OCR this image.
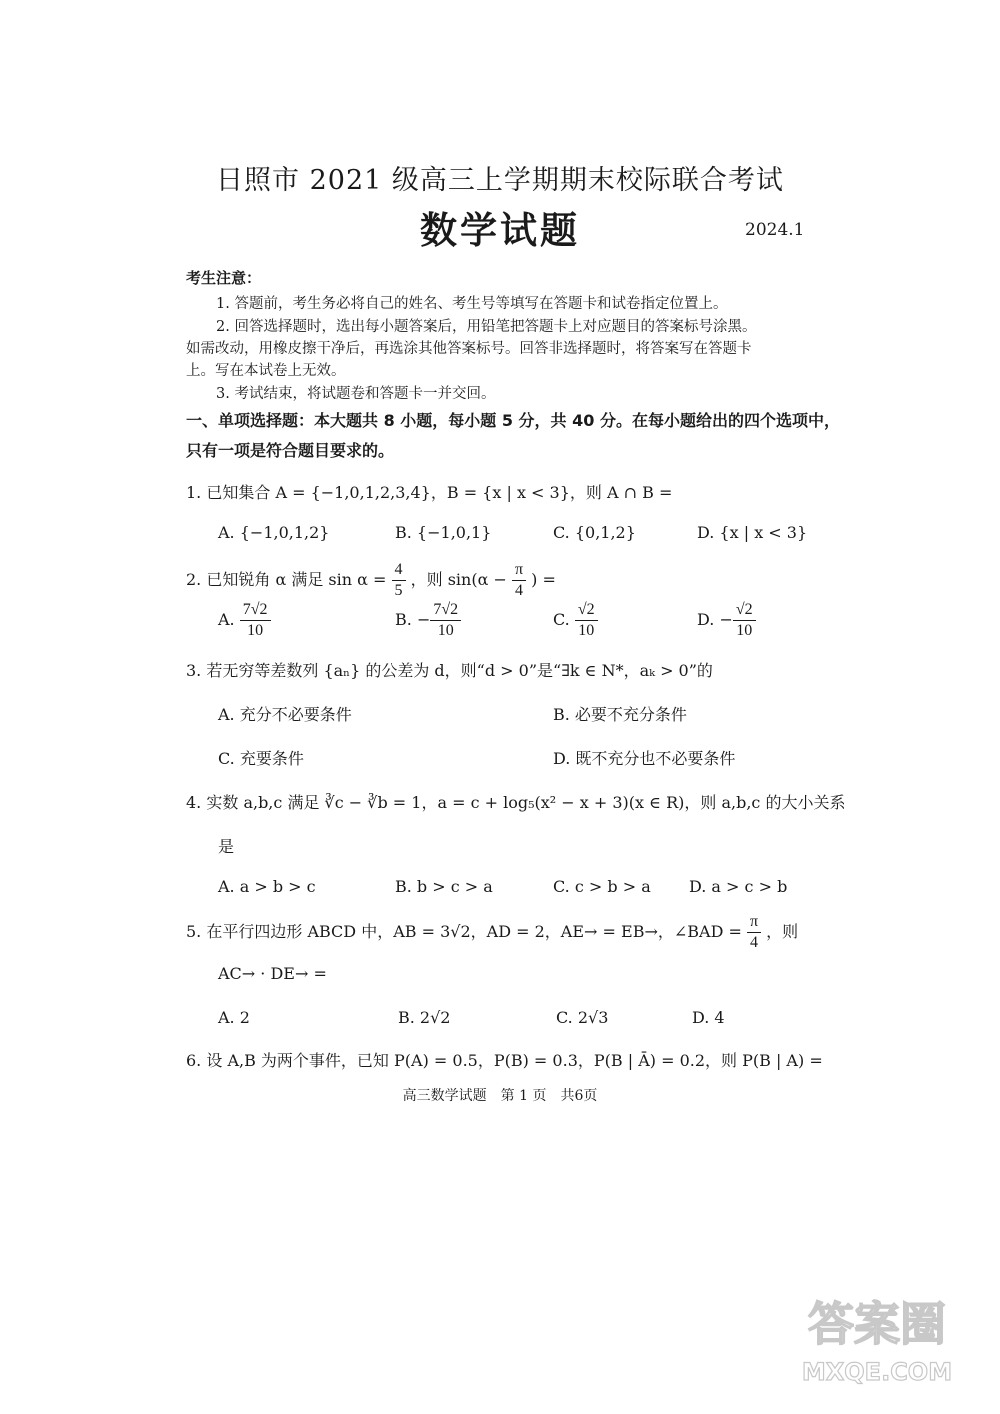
日照市 2021 级高三上学期期末校际联合考试
数学试题	2024.1
考生注意：
1. 答题前，考生务必将自己的姓名、考生号等填写在答题卡和试卷指定位置上。
2. 回答选择题时，选出每小题答案后，用铅笔把答题卡上对应题目的答案标号涂黑。
如需改动，用橡皮擦干净后，再选涂其他答案标号。回答非选择题时，将答案写在答题卡
上。写在本试卷上无效。
3. 考试结束，将试题卷和答题卡一并交回。
一、单项选择题：本大题共 8 小题，每小题 5 分，共 40 分。在每小题给出的四个选项中，
只有一项是符合题目要求的。
1. 已知集合 A = {−1,0,1,2,3,4}，B = {x | x < 3}，则 A ∩ B =
A. {−1,0,1,2}	B. {−1,0,1}	C. {0,1,2}	D. {x | x < 3}
2. 已知锐角 α 满足 $\sin \alpha = \frac{4}{5}$ ，则 $\sin(\alpha - \frac{\pi}{4}$ ) =
A. $\frac{7√2}{10}$	B. − $\frac{7√2}{10}$	C. $\frac{√2}{10}$	D. − $\frac{√2}{10}$
3. 若无穷等差数列 {aₙ} 的公差为 d，则“d > 0”是“∃k ∈ N*，aₖ > 0”的
A. 充分不必要条件	B. 必要不充分条件
C. 充要条件	D. 既不充分也不必要条件
4. 实数 a,b,c 满足 ∛c − ∛b = 1，a = c + log₅(x² − x + 3)(x ∈ R)，则 a,b,c 的大小关系
是
A. a > b > c	B. b > c > a	C. c > b > a D. a > c > b
5. 在平行四边形 ABCD 中，AB = 3√2，AD = 2，AE→ = EB→，∠BAD = $\frac{\pi}{4}$ ，则
AC→ · DE→ =
A. 2	B. 2√2	C. 2√3	D. 4
6. 设 A,B 为两个事件，已知 P(A) = 0.5，P(B) = 0.3，P(B | Ā) = 0.2，则 P(B | A) =
高三数学试题　第 1 页　共6页
答案圈
MXQE.COM
